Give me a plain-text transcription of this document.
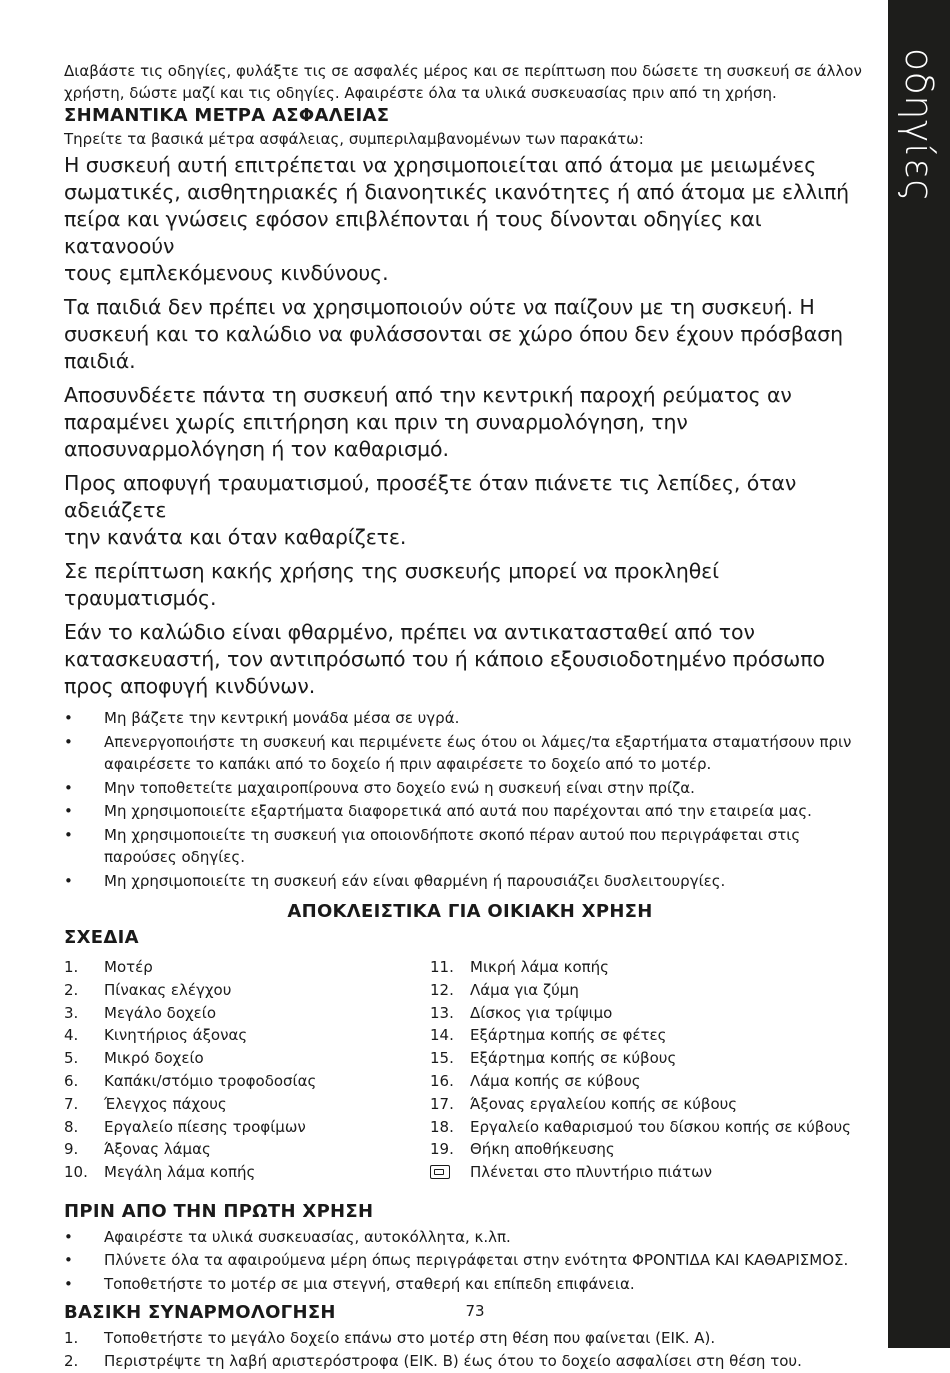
οδηγίες

Διαβάστε τις οδηγίες, φυλάξτε τις σε ασφαλές μέρος και σε περίπτωση που δώσετε τη συσκευή σε άλλον

χρήστη, δώστε μαζί και τις οδηγίες. Αφαιρέστε όλα τα υλικά συσκευασίας πριν από τη χρήση.

ΣΗΜΑΝΤΙΚΑ ΜΕΤΡΑ ΑΣΦΑΛΕΙΑΣ

Τηρείτε τα βασικά μέτρα ασφάλειας, συμπεριλαμβανομένων των παρακάτω:

Η συσκευή αυτή επιτρέπεται να χρησιμοποιείται από άτομα με μειωμένες
σωματικές, αισθητηριακές ή διανοητικές ικανότητες ή από άτομα με ελλιπή
πείρα και γνώσεις εφόσον επιβλέπονται ή τους δίνονται οδηγίες και κατανοούν
τους εμπλεκόμενους κινδύνους.

Τα παιδιά δεν πρέπει να χρησιμοποιούν ούτε να παίζουν με τη συσκευή. Η
συσκευή και το καλώδιο να φυλάσσονται σε χώρο όπου δεν έχουν πρόσβαση
παιδιά.

Αποσυνδέετε πάντα τη συσκευή από την κεντρική παροχή ρεύματος αν
παραμένει χωρίς επιτήρηση και πριν τη συναρμολόγηση, την
αποσυναρμολόγηση ή τον καθαρισμό.

Προς αποφυγή τραυματισμού, προσέξτε όταν πιάνετε τις λεπίδες, όταν αδειάζετε
την κανάτα και όταν καθαρίζετε.

Σε περίπτωση κακής χρήσης της συσκευής μπορεί να προκληθεί τραυματισμός.

Εάν το καλώδιο είναι φθαρμένο, πρέπει να αντικατασταθεί από τον
κατασκευαστή, τον αντιπρόσωπό του ή κάποιο εξουσιοδοτημένο πρόσωπο
προς αποφυγή κινδύνων.

• Μη βάζετε την κεντρική μονάδα μέσα σε υγρά.
• Απενεργοποιήστε τη συσκευή και περιμένετε έως ότου οι λάμες/τα εξαρτήματα σταματήσουν πριν
αφαιρέσετε το καπάκι από το δοχείο ή πριν αφαιρέσετε το δοχείο από το μοτέρ.
• Μην τοποθετείτε μαχαιροπίρουνα στο δοχείο ενώ η συσκευή είναι στην πρίζα.
• Μη χρησιμοποιείτε εξαρτήματα διαφορετικά από αυτά που παρέχονται από την εταιρεία μας.
• Μη χρησιμοποιείτε τη συσκευή για οποιονδήποτε σκοπό πέραν αυτού που περιγράφεται στις
παρούσες οδηγίες.
• Μη χρησιμοποιείτε τη συσκευή εάν είναι φθαρμένη ή παρουσιάζει δυσλειτουργίες.

ΑΠΟΚΛΕΙΣΤΙΚΑ ΓΙΑ ΟΙΚΙΑΚΗ ΧΡΗΣΗ

ΣΧΕΔΙΑ

1.	Μοτέρ
2.	Πίνακας ελέγχου
3.	Μεγάλο δοχείο
4.	Κινητήριος άξονας
5.	Μικρό δοχείο
6.	Καπάκι/στόμιο τροφοδοσίας
7.	Έλεγχος πάχους
8.	Εργαλείο πίεσης τροφίμων
9.	Άξονας λάμας
10.	Μεγάλη λάμα κοπής
11.	Μικρή λάμα κοπής
12.	Λάμα για ζύμη
13.	Δίσκος για τρίψιμο
14.	Εξάρτημα κοπής σε φέτες
15.	Εξάρτημα κοπής σε κύβους
16.	Λάμα κοπής σε κύβους
17.	Άξονας εργαλείου κοπής σε κύβους
18.	Εργαλείο καθαρισμού του δίσκου κοπής σε κύβους
19.	Θήκη αποθήκευσης
Πλένεται στο πλυντήριο πιάτων

ΠΡΙΝ ΑΠΟ ΤΗΝ ΠΡΩΤΗ ΧΡΗΣΗ

• Αφαιρέστε τα υλικά συσκευασίας, αυτοκόλλητα, κ.λπ.
• Πλύνετε όλα τα αφαιρούμενα μέρη όπως περιγράφεται στην ενότητα ΦΡΟΝΤΙΔΑ ΚΑΙ ΚΑΘΑΡΙΣΜΟΣ.
• Τοποθετήστε το μοτέρ σε μια στεγνή, σταθερή και επίπεδη επιφάνεια.

ΒΑΣΙΚΗ ΣΥΝΑΡΜΟΛΟΓΗΣΗ

1.	Τοποθετήστε το μεγάλο δοχείο επάνω στο μοτέρ στη θέση που φαίνεται (ΕΙΚ. Α).
2.	Περιστρέψτε τη λαβή αριστερόστροφα (ΕΙΚ. Β) έως ότου το δοχείο ασφαλίσει στη θέση του.
73
